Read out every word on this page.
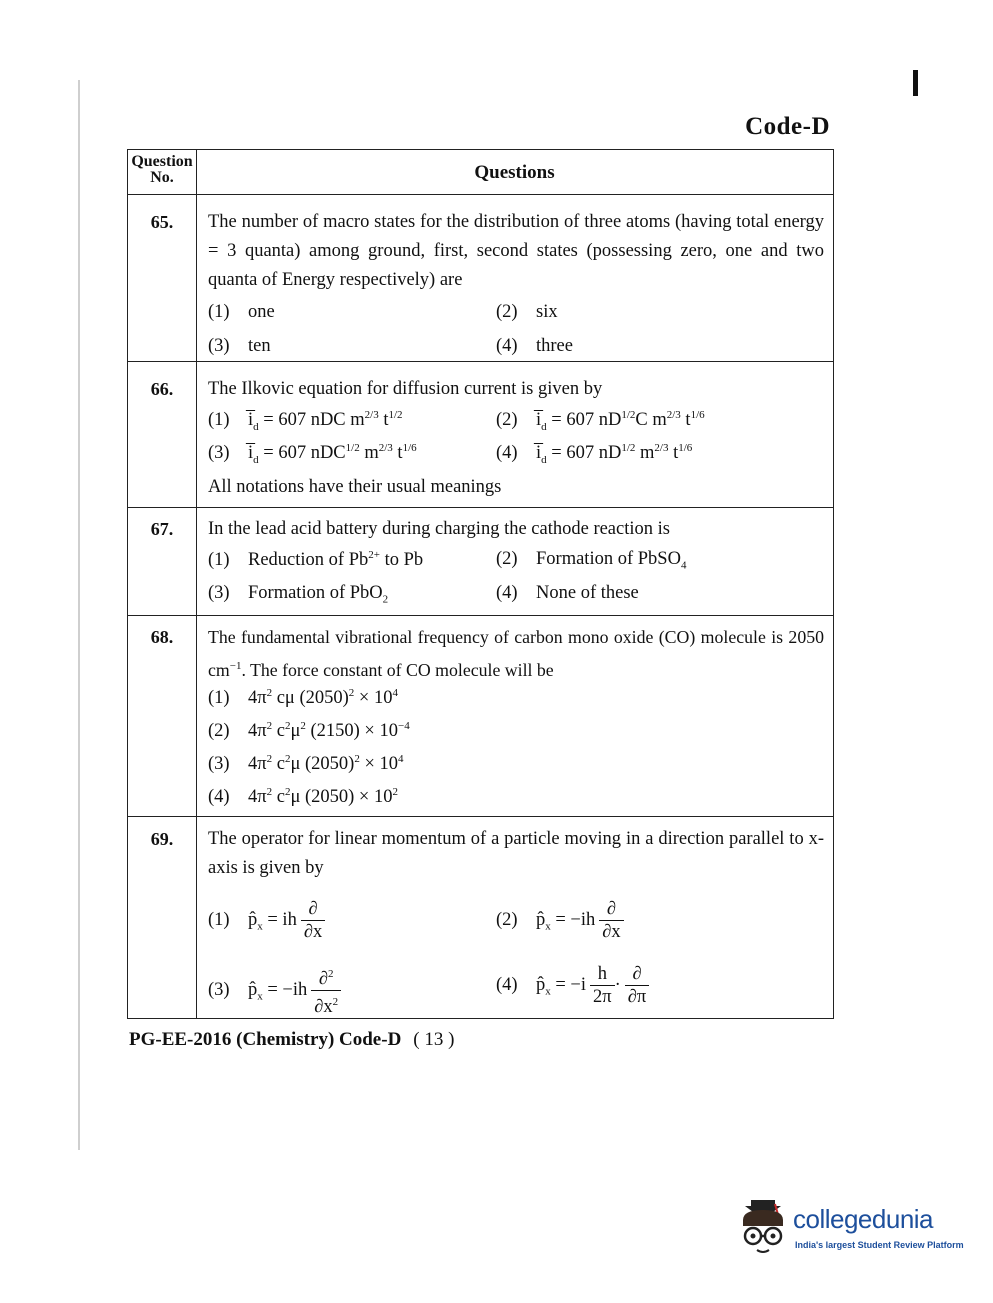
Code-D
Question
No.	Questions
65.	The number of macro states for the distribution of three atoms (having total energy = 3 quanta) among ground, first, second states (possessing zero, one and two quanta of Energy respectively) are
(1) one	(2) six
(3) ten	(4) three
66.	The Ilkovic equation for diffusion current is given by
(1) $i̅_d = 607$ nDC $m^{2/3}$ $t^{1/2}$	(2) $i̅_d = 607$ $nD^{1/2}C$ $m^{2/3}$ $t^{1/6}$
(3) $i̅_d = 607$ nDC$^{1/2}$ $m^{2/3}$ $t^{1/6}$	(4) $i̅_d = 607$ $nD^{1/2}$ $m^{2/3}$ $t^{1/6}$
All notations have their usual meanings
67.	In the lead acid battery during charging the cathode reaction is
(1) Reduction of $Pb^{2+}$ to Pb	(2) Formation of PbSO$_4$
(3) Formation of PbO$_2$	(4) None of these
68.	The fundamental vibrational frequency of carbon mono oxide (CO) molecule is 2050 $cm^{-1}$. The force constant of CO molecule will be
(1) $4\pi^2$ cμ $(2050)^2 \times 10^4$
(2) $4\pi^2$ $c^2\mu^2$ $(2150) \times 10^{-4}$
(3) $4\pi^2$ $c^2\mu$ $(2050)^2 \times 10^4$
(4) $4\pi^2$ $c^2\mu$ $(2050) \times 10^2$
69.	The operator for linear momentum of a particle moving in a direction parallel to x-axis is given by
(1) $p̂_x$ = ih $\frac{\partial}{\partial x}$	(2) $p̂_x = -ih \frac{\partial}{\partial x}$
(3) $p̂_x = -ih \frac{\partial^2}{\partial x^2}$	(4) $p̂_x = -i \frac{h}{2\pi} \cdot \frac{\partial}{\partial\pi}$
PG-EE-2016 (Chemistry) Code-D ( 13 )
collegedunia
India's largest Student Review Platform
